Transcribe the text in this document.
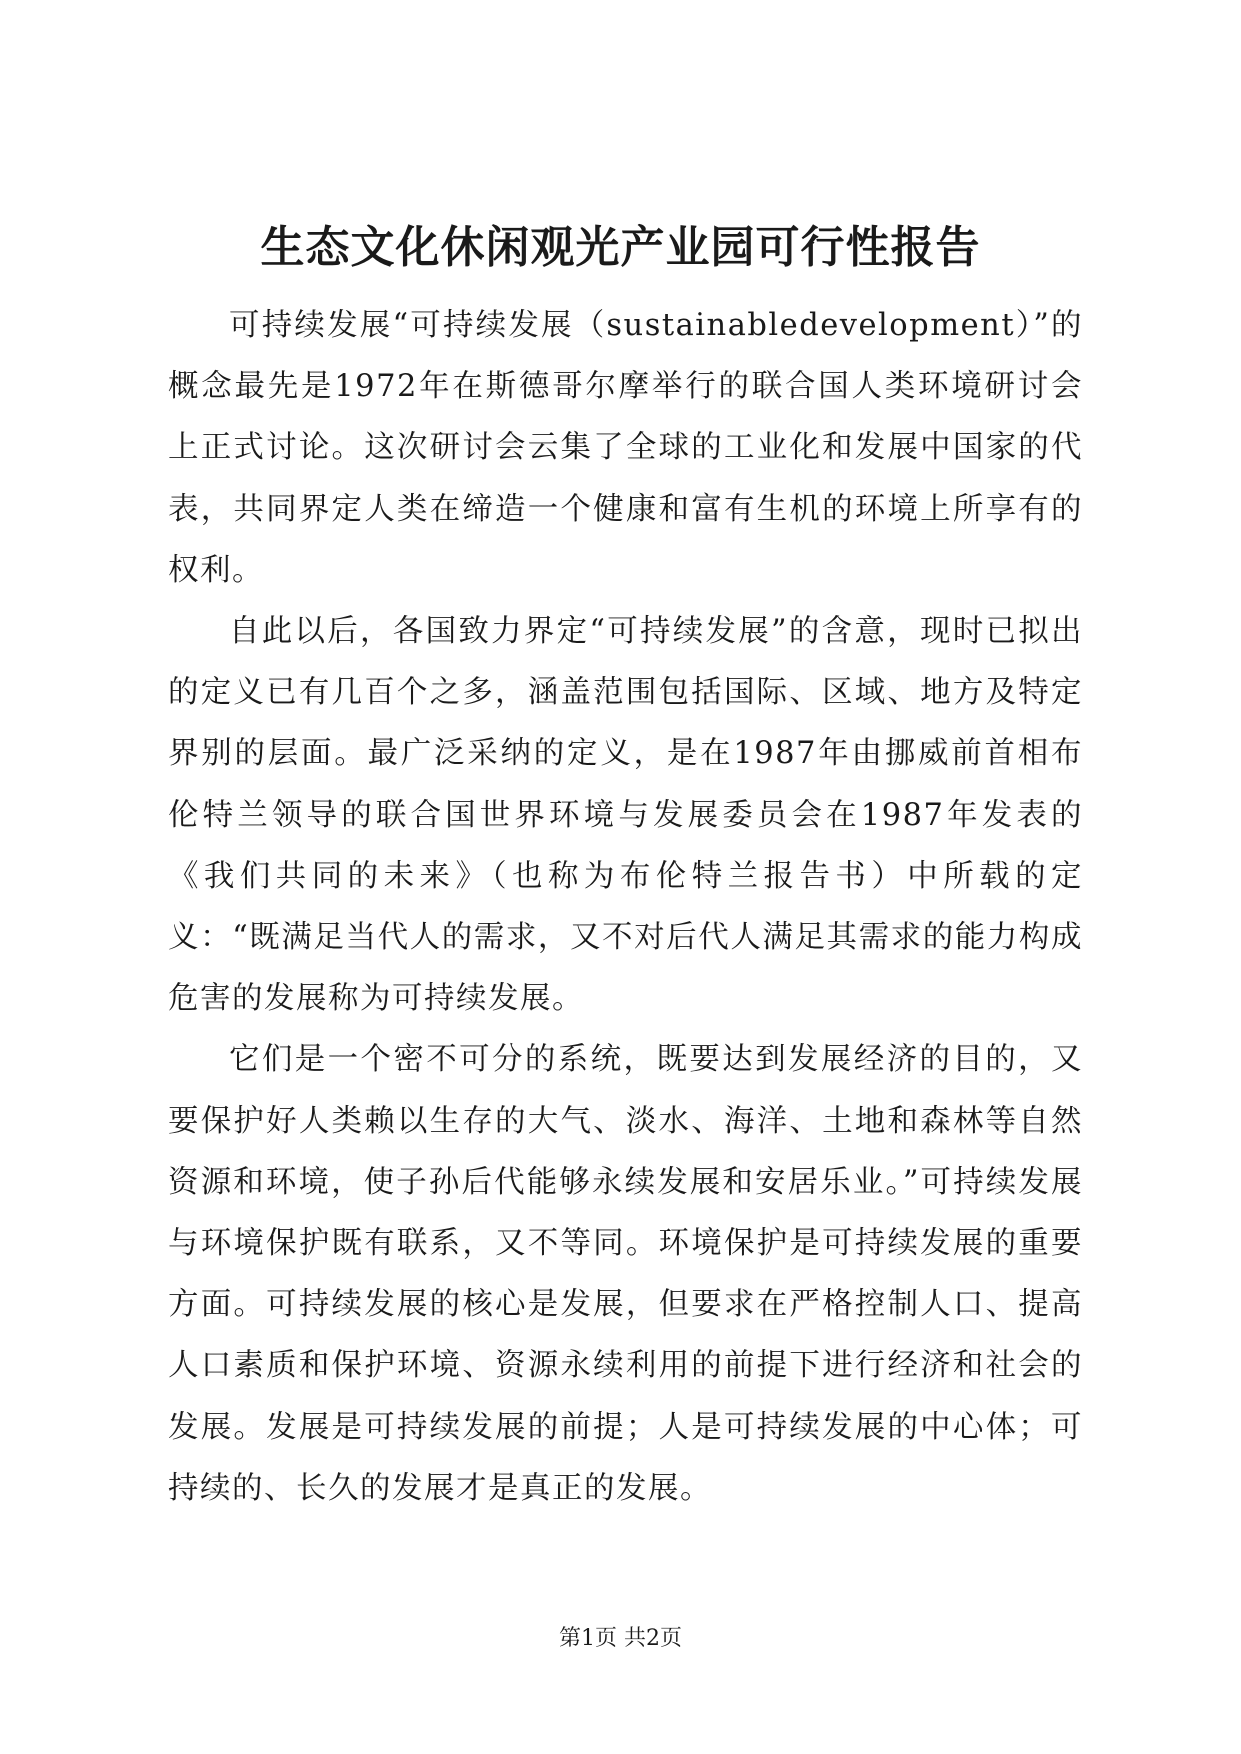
生态文化休闲观光产业园可行性报告

可持续发展“可持续发展（sustainabledevelopment）”的概念最先是1972年在斯德哥尔摩举行的联合国人类环境研讨会上正式讨论。这次研讨会云集了全球的工业化和发展中国家的代表，共同界定人类在缔造一个健康和富有生机的环境上所享有的权利。

自此以后，各国致力界定“可持续发展”的含意，现时已拟出的定义已有几百个之多，涵盖范围包括国际、区域、地方及特定界别的层面。最广泛采纳的定义，是在1987年由挪威前首相布伦特兰领导的联合国世界环境与发展委员会在1987年发表的《我们共同的未来》（也称为布伦特兰报告书）中所载的定义：“既满足当代人的需求，又不对后代人满足其需求的能力构成危害的发展称为可持续发展。

它们是一个密不可分的系统，既要达到发展经济的目的，又要保护好人类赖以生存的大气、淡水、海洋、土地和森林等自然资源和环境，使子孙后代能够永续发展和安居乐业。”可持续发展与环境保护既有联系，又不等同。环境保护是可持续发展的重要方面。可持续发展的核心是发展，但要求在严格控制人口、提高人口素质和保护环境、资源永续利用的前提下进行经济和社会的发展。发展是可持续发展的前提；人是可持续发展的中心体；可持续的、长久的发展才是真正的发展。

第1页 共2页
